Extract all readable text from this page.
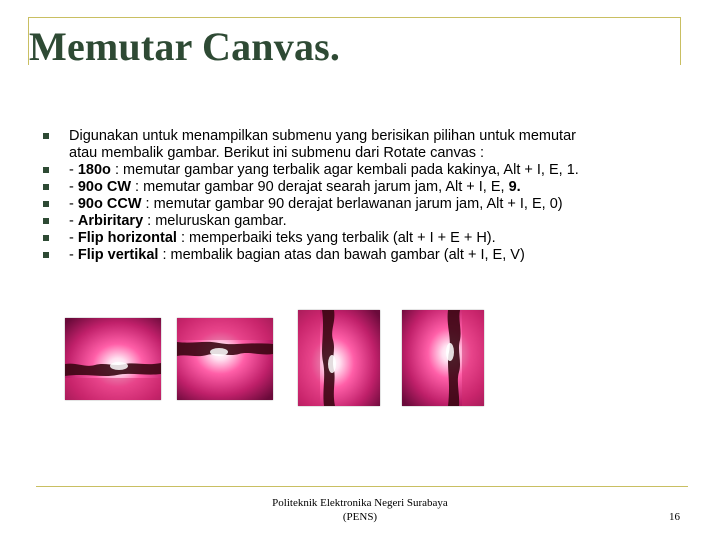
Memutar Canvas.
Digunakan untuk menampilkan submenu yang berisikan pilihan untuk memutar
atau membalik gambar. Berikut ini submenu dari Rotate canvas :
- 180o : memutar gambar yang terbalik agar kembali pada kakinya, Alt + I, E, 1.
- 90o CW : memutar gambar 90 derajat searah jarum jam, Alt + I, E, 9.
- 90o CCW : memutar gambar 90 derajat berlawanan jarum jam, Alt + I, E, 0)
- Arbiritary : meluruskan gambar.
- Flip horizontal : memperbaiki teks yang terbalik (alt + I + E + H).
- Flip vertikal : membalik bagian atas dan bawah gambar (alt + I, E, V)
Politeknik Elektronika Negeri Surabaya
(PENS)	16
